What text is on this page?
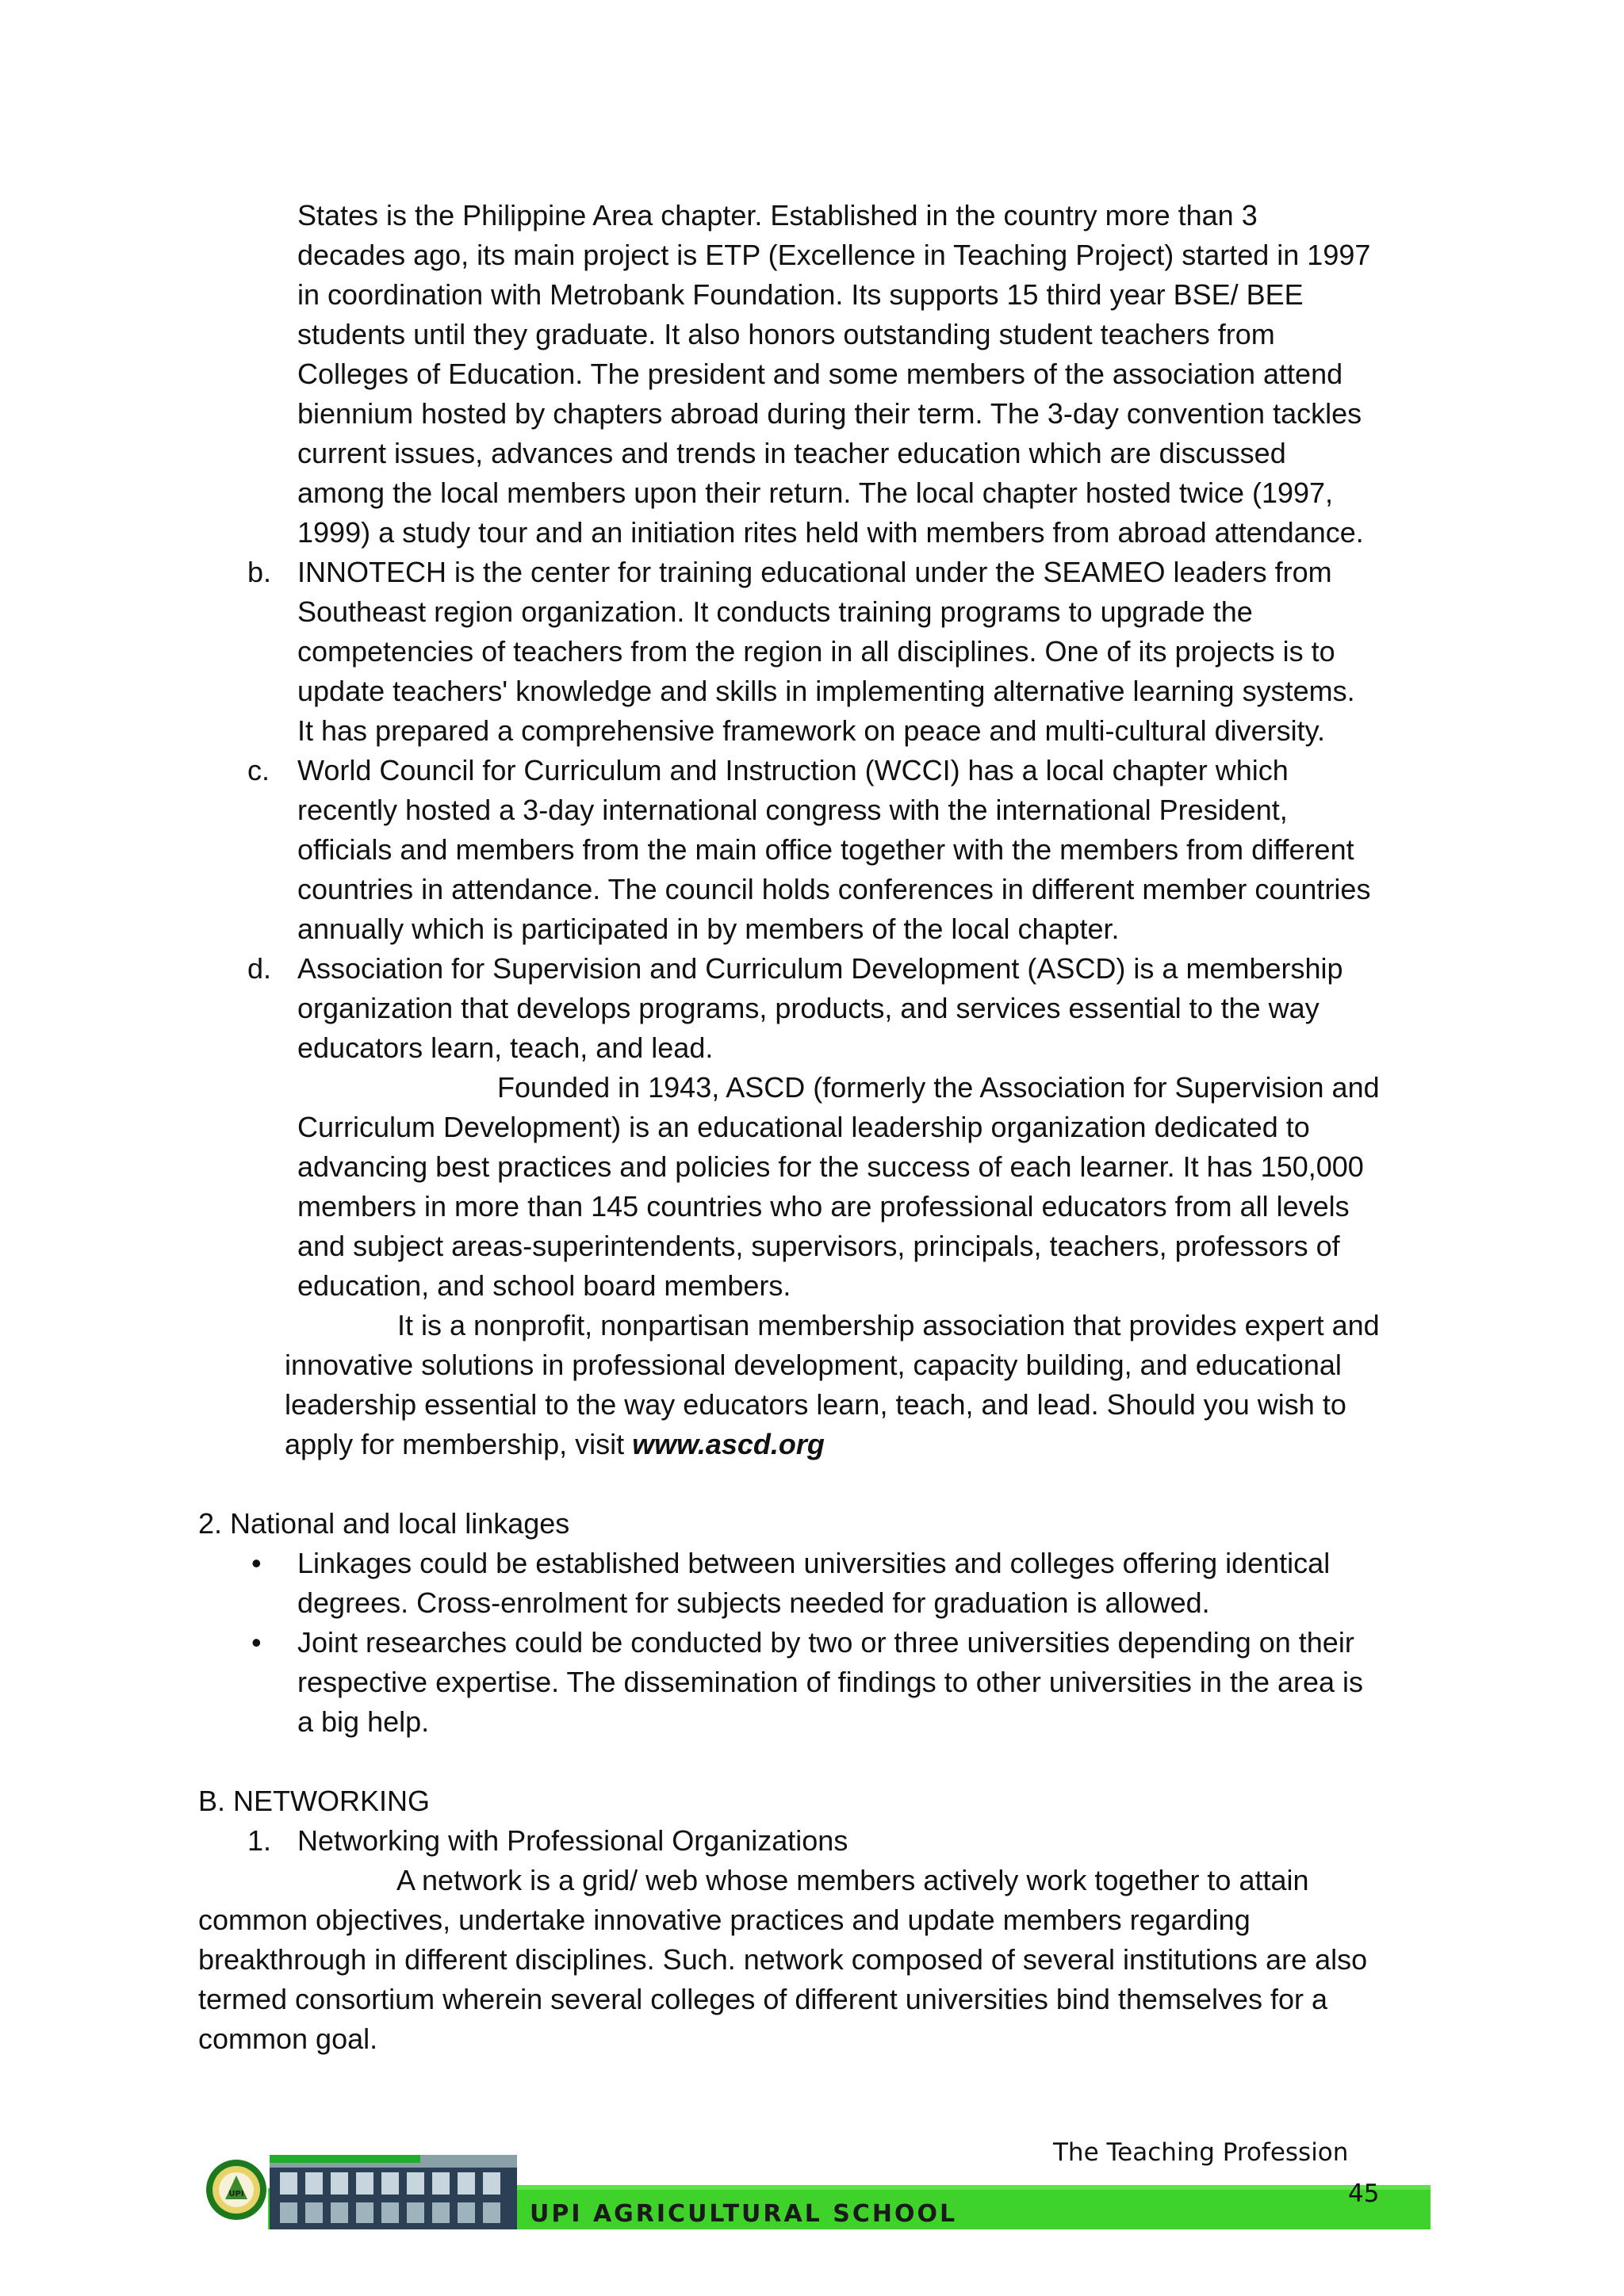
States is the Philippine Area chapter. Established in the country more than 3
decades ago, its main project is ETP (Excellence in Teaching Project) started in 1997
in coordination with Metrobank Foundation. Its supports 15 third year BSE/ BEE
students until they graduate. It also honors outstanding student teachers from
Colleges of Education. The president and some members of the association attend
biennium hosted by chapters abroad during their term. The 3-day convention tackles
current issues, advances and trends in teacher education which are discussed
among the local members upon their return. The local chapter hosted twice (1997,
1999) a study tour and an initiation rites held with members from abroad attendance.
b. INNOTECH is the center for training educational under the SEAMEO leaders from
Southeast region organization. It conducts training programs to upgrade the
competencies of teachers from the region in all disciplines. One of its projects is to
update teachers' knowledge and skills in implementing alternative learning systems.
It has prepared a comprehensive framework on peace and multi-cultural diversity.
c. World Council for Curriculum and Instruction (WCCI) has a local chapter which
recently hosted a 3-day international congress with the international President,
officials and members from the main office together with the members from different
countries in attendance. The council holds conferences in different member countries
annually which is participated in by members of the local chapter.
d. Association for Supervision and Curriculum Development (ASCD) is a membership
organization that develops programs, products, and services essential to the way
educators learn, teach, and lead.
Founded in 1943, ASCD (formerly the Association for Supervision and
Curriculum Development) is an educational leadership organization dedicated to
advancing best practices and policies for the success of each learner. It has 150,000
members in more than 145 countries who are professional educators from all levels
and subject areas-superintendents, supervisors, principals, teachers, professors of
education, and school board members.
It is a nonprofit, nonpartisan membership association that provides expert and
innovative solutions in professional development, capacity building, and educational
leadership essential to the way educators learn, teach, and lead. Should you wish to
apply for membership, visit www.ascd.org
2. National and local linkages
• Linkages could be established between universities and colleges offering identical
degrees. Cross-enrolment for subjects needed for graduation is allowed.
• Joint researches could be conducted by two or three universities depending on their
respective expertise. The dissemination of findings to other universities in the area is
a big help.
B. NETWORKING
1. Networking with Professional Organizations
A network is a grid/ web whose members actively work together to attain
common objectives, undertake innovative practices and update members regarding
breakthrough in different disciplines. Such. network composed of several institutions are also
termed consortium wherein several colleges of different universities bind themselves for a
common goal.
UPI
UPI AGRICULTURAL SCHOOL
The Teaching Profession
45
